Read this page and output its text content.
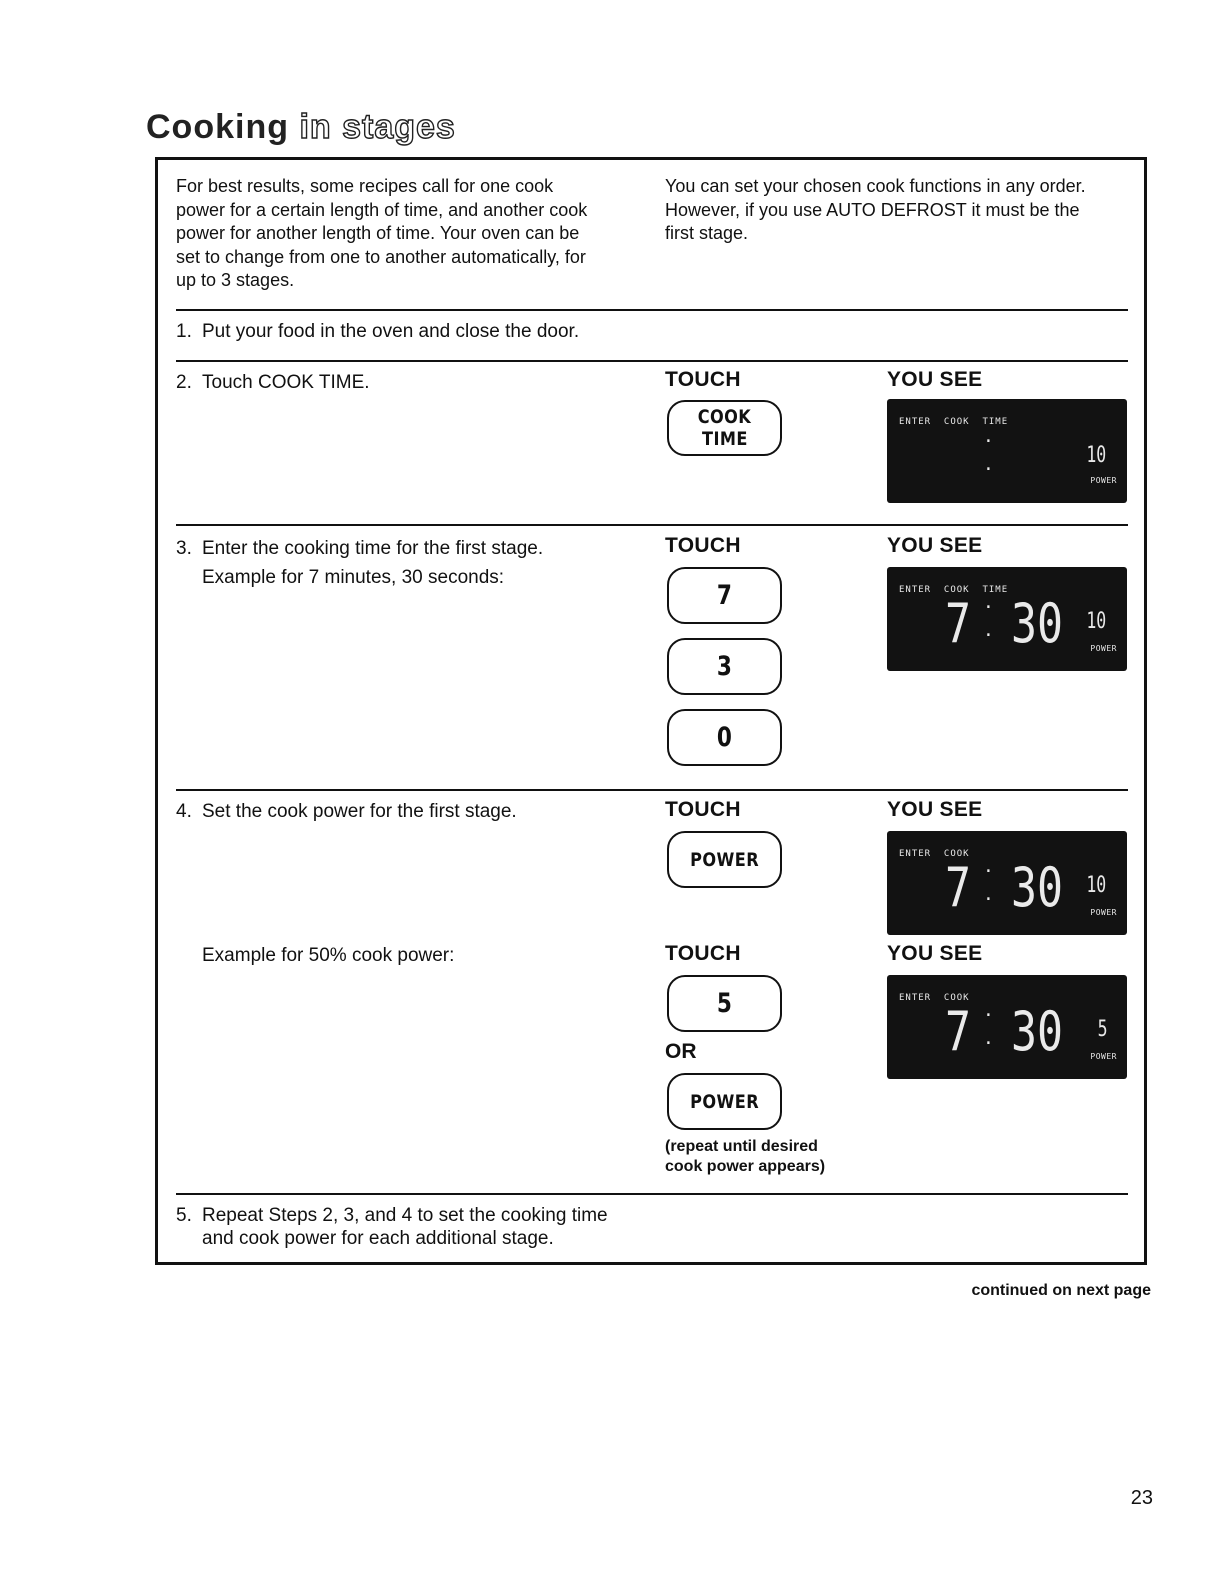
Cooking in stages
For best results, some recipes call for one cook
power for a certain length of time, and another cook
power for another length of time. Your oven can be
set to change from one to another automatically, for
up to 3 stages.
You can set your chosen cook functions in any order.
However, if you use AUTO DEFROST it must be the
first stage.
1. Put your food in the oven and close the door.
2. Touch COOK TIME.	TOUCH	YOU SEE
COOK
TIME
ENTER  COOK  TIME
·

·
10
POWER
3. Enter the cooking time for the first stage.
Example for 7 minutes, 30 seconds:
TOUCH	YOU SEE
7
3
0
ENTER  COOK  TIME
7 ·

· 30 10
POWER
4. Set the cook power for the first stage.	TOUCH	YOU SEE
POWER	ENTER  COOK
7 ·

· 30 10
POWER
Example for 50% cook power:	TOUCH	YOU SEE
5
OR
POWER
(repeat until desired
cook power appears)
ENTER  COOK
7 ·

· 30 5
POWER
5. Repeat Steps 2, 3, and 4 to set the cooking time
and cook power for each additional stage.
continued on next page
23
